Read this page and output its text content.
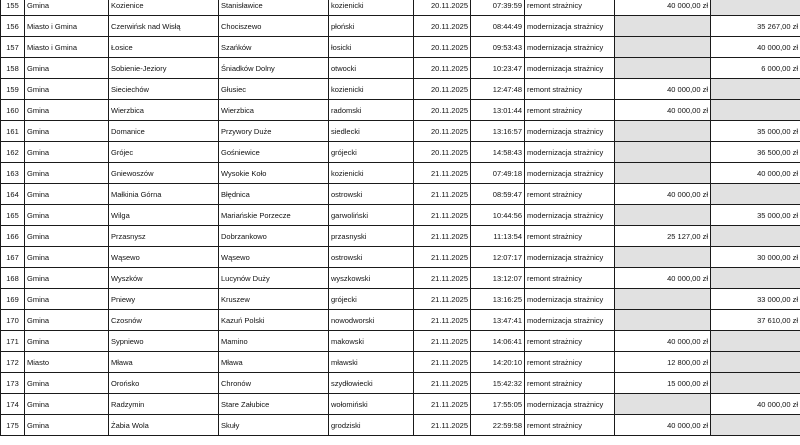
155	Gmina	Kozienice	Stanisławice	kozienicki	20.11.2025	07:39:59	remont strażnicy	40 000,00 zł	
156	Miasto i Gmina	Czerwińsk nad Wisłą	Chociszewo	płoński	20.11.2025	08:44:49	modernizacja strażnicy		35 267,00 zł
157	Miasto i Gmina	Łosice	Szańków	łosicki	20.11.2025	09:53:43	modernizacja strażnicy		40 000,00 zł
158	Gmina	Sobienie-Jeziory	Śniadków Dolny	otwocki	20.11.2025	10:23:47	modernizacja strażnicy		6 000,00 zł
159	Gmina	Sieciechów	Głusiec	kozienicki	20.11.2025	12:47:48	remont strażnicy	40 000,00 zł	
160	Gmina	Wierzbica	Wierzbica	radomski	20.11.2025	13:01:44	remont strażnicy	40 000,00 zł	
161	Gmina	Domanice	Przywory Duże	siedlecki	20.11.2025	13:16:57	modernizacja strażnicy		35 000,00 zł
162	Gmina	Grójec	Gośniewice	grójecki	20.11.2025	14:58:43	modernizacja strażnicy		36 500,00 zł
163	Gmina	Gniewoszów	Wysokie Koło	kozienicki	21.11.2025	07:49:18	modernizacja strażnicy		40 000,00 zł
164	Gmina	Małkinia Górna	Błędnica	ostrowski	21.11.2025	08:59:47	remont strażnicy	40 000,00 zł	
165	Gmina	Wilga	Mariańskie Porzecze	garwoliński	21.11.2025	10:44:56	modernizacja strażnicy		35 000,00 zł
166	Gmina	Przasnysz	Dobrzankowo	przasnyski	21.11.2025	11:13:54	remont strażnicy	25 127,00 zł	
167	Gmina	Wąsewo	Wąsewo	ostrowski	21.11.2025	12:07:17	modernizacja strażnicy		30 000,00 zł
168	Gmina	Wyszków	Lucynów Duży	wyszkowski	21.11.2025	13:12:07	remont strażnicy	40 000,00 zł	
169	Gmina	Pniewy	Kruszew	grójecki	21.11.2025	13:16:25	modernizacja strażnicy		33 000,00 zł
170	Gmina	Czosnów	Kazuń Polski	nowodworski	21.11.2025	13:47:41	modernizacja strażnicy		37 610,00 zł
171	Gmina	Sypniewo	Mamino	makowski	21.11.2025	14:06:41	remont strażnicy	40 000,00 zł	
172	Miasto	Mława	Mława	mławski	21.11.2025	14:20:10	remont strażnicy	12 800,00 zł	
173	Gmina	Orońsko	Chronów	szydłowiecki	21.11.2025	15:42:32	remont strażnicy	15 000,00 zł	
174	Gmina	Radzymin	Stare Załubice	wołomiński	21.11.2025	17:55:05	modernizacja strażnicy		40 000,00 zł
175	Gmina	Żabia Wola	Skuły	grodziski	21.11.2025	22:59:58	remont strażnicy	40 000,00 zł	
